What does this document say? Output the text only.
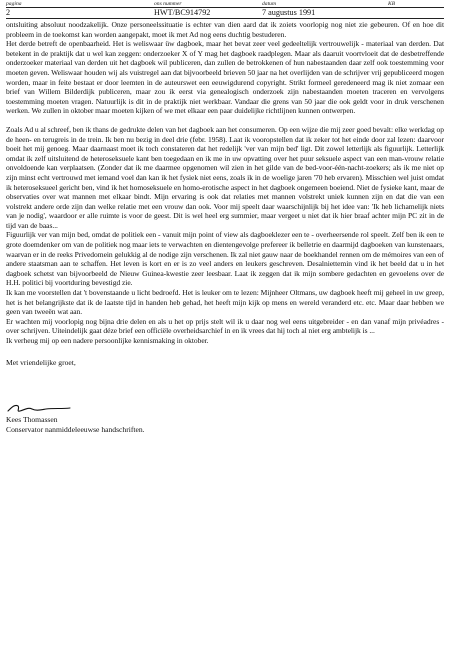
pagina	ons nummer	datum	KB
2	HWT/BC914792	7 augustus 1991

ontsluiting absoluut noodzakelijk. Onze personeelssituatie is echter van dien aard dat ik zoiets voorlopig nog niet zie gebeuren. Of en hoe dit probleem in de toekomst kan worden aangepakt, moet ik met Ad nog eens duchtig bestuderen.

Het derde betreft de openbaarheid. Het is weliswaar üw dagboek, maar het bevat zeer veel gedeeltelijk vertrouwelijk - materiaal van derden. Dat betekent in de praktijk dat u wel kan zeggen: onderzoeker X of Y mag het dagboek raadplegen. Maar als daaruit voortvloeit dat de desbetreffende onderzoeker materiaal van derden uit het dagboek wil publiceren, dan zullen de betrokkenen of hun nabestaanden daar zelf ook toestemming voor moeten geven. Weliswaar houden wij als vuistregel aan dat bijvoorbeeld brieven 50 jaar na het overlijden van de schrijver vrij gepubliceerd mogen worden, maar in feite bestaat er door leemten in de auteurswet een eeuwigdurend copyright. Strikt formeel geredeneerd mag ik niet zomaar een brief van Willem Bilderdijk publiceren, maar zou ik eerst via genealogisch onderzoek zijn nabestaanden moeten traceren en vervolgens toestemming moeten vragen. Natuurlijk is dit in de praktijk niet werkbaar. Vandaar die grens van 50 jaar die ook geldt voor in druk verschenen werken. We zullen in oktober maar moeten kijken of we met elkaar een paar duidelijke richtlijnen kunnen ontwerpen.

Zoals Ad u al schreef, ben ik thans de gedrukte delen van het dagboek aan het consumeren. Op een wijze die mij zeer goed bevalt: elke werkdag op de heen- en terugreis in de trein. Ik ben nu bezig in deel drie (febr. 1958). Laat ik vooropstellen dat ik zeker tot het einde door zal lezen: daarvoor boeit het mij genoeg. Maar daarnaast moet ik toch constateren dat het redelijk 'ver van mijn bed' ligt. Dit zowel letterlijk als figuurlijk. Letterlijk omdat ik zelf uitsluitend de heteroseksuele kant ben toegedaan en ik me in uw opvatting over het puur seksuele aspect van een man-vrouw relatie onvoldoende kan verplaatsen. (Zonder dat ik me daarmee opgenomen wil zien in het gilde van de bed-voor-één-nacht-zoekers; als ik me niet op zijn minst echt vertrouwd met iemand voel dan kan ik het fysiek niet eens, zoals ik in de woelige jaren '70 heb ervaren). Misschien wel juist omdat ik heteroseksueel gericht ben, vind ik het homoseksuele en homo-erotische aspect in het dagboek ongemeen boeiend. Niet de fysieke kant, maar de observaties over wat mannen met elkaar bindt. Mijn ervaring is ook dat relaties met mannen volstrekt uniek kunnen zijn en dat die van een volstrekt andere orde zijn dan welke relatie met een vrouw dan ook. Voor mij speelt daar waarschijnlijk bij het idee van: 'Ik heb lichamelijk niets van je nodig', waardoor er alle ruimte is voor de geest. Dit is wel heel erg summier, maar vergeet u niet dat ik hier braaf achter mijn PC zit in de tijd van de baas...

Figuurlijk ver van mijn bed, omdat de politiek een - vanuit mijn point of view als dagboeklezer een te - overheersende rol speelt. Zelf ben ik een te grote doemdenker om van de politiek nog maar iets te verwachten en dientengevolge prefereer ik belletrie en daarmijd dagboeken van kunstenaars, waarvan er in de reeks Privedomein gelukkig al de nodige zijn verschenen. Ik zal niet gauw naar de boekhandel rennen om de mémoires van een of andere staatsman aan te schaffen. Het leven is kort en er is zo veel anders en leukers geschreven. Desalniettemin vind ik het beeld dat u in het dagboek schetst van bijvoorbeeld de Nieuw Guinea-kwestie zeer leesbaar. Laat ik zeggen dat ik mijn sombere gedachten en gevoelens over de H.H. politici bij voortduring bevestigd zie.

Ik kan me voorstellen dat 't bovenstaande u licht bedroefd. Het is leuker om te lezen: Mijnheer Oltmans, uw dagboek heeft mij geheel in uw greep, het is het belangrijkste dat ik de laatste tijd in handen heb gehad, het heeft mijn kijk op mens en wereld veranderd etc. etc. Maar daar hebben we geen van tweeën wat aan.

Er wachten mij voorlopig nog bijna drie delen en als u het op prijs stelt wil ik u daar nog wel eens uitgebreider - en dan vanaf mijn privéadres - over schrijven. Uiteindelijk gaat déze brief een officiële overheidsarchief in en ik vrees dat hij toch al niet erg ambtelijk is ...

Ik verheug mij op een nadere persoonlijke kennismaking in oktober.

Met vriendelijke groet,
Kees Thomassen
Conservator nanmiddeleeuwse handschriften.
